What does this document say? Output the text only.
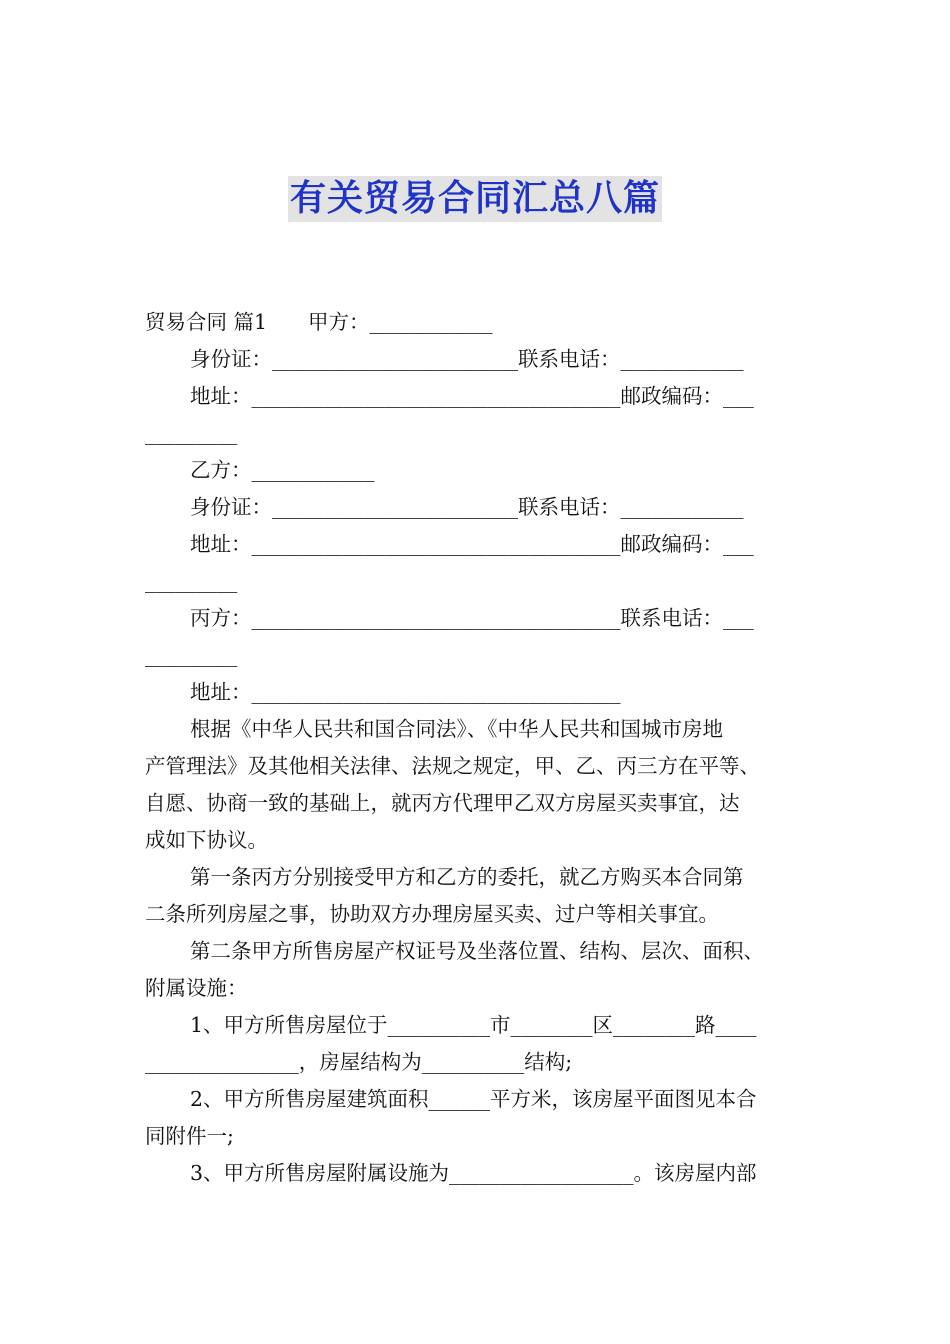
有关贸易合同汇总八篇
贸易合同 篇1　　甲方：____________
身份证：________________________联系电话：____________
地址：____________________________________邮政编码：___
_________
乙方：____________
身份证：________________________联系电话：____________
地址：____________________________________邮政编码：___
_________
丙方：____________________________________联系电话：___
_________
地址：____________________________________
根据《中华人民共和国合同法》、《中华人民共和国城市房地
产管理法》及其他相关法律、法规之规定，甲、乙、丙三方在平等、
自愿、协商一致的基础上，就丙方代理甲乙双方房屋买卖事宜，达
成如下协议。
第一条丙方分别接受甲方和乙方的委托，就乙方购买本合同第
二条所列房屋之事，协助双方办理房屋买卖、过户等相关事宜。
第二条甲方所售房屋产权证号及坐落位置、结构、层次、面积、
附属设施：
1、甲方所售房屋位于__________市________区________路____
_______________，房屋结构为__________结构;
2、甲方所售房屋建筑面积______平方米，该房屋平面图见本合
同附件一;
3、甲方所售房屋附属设施为__________________。该房屋内部
